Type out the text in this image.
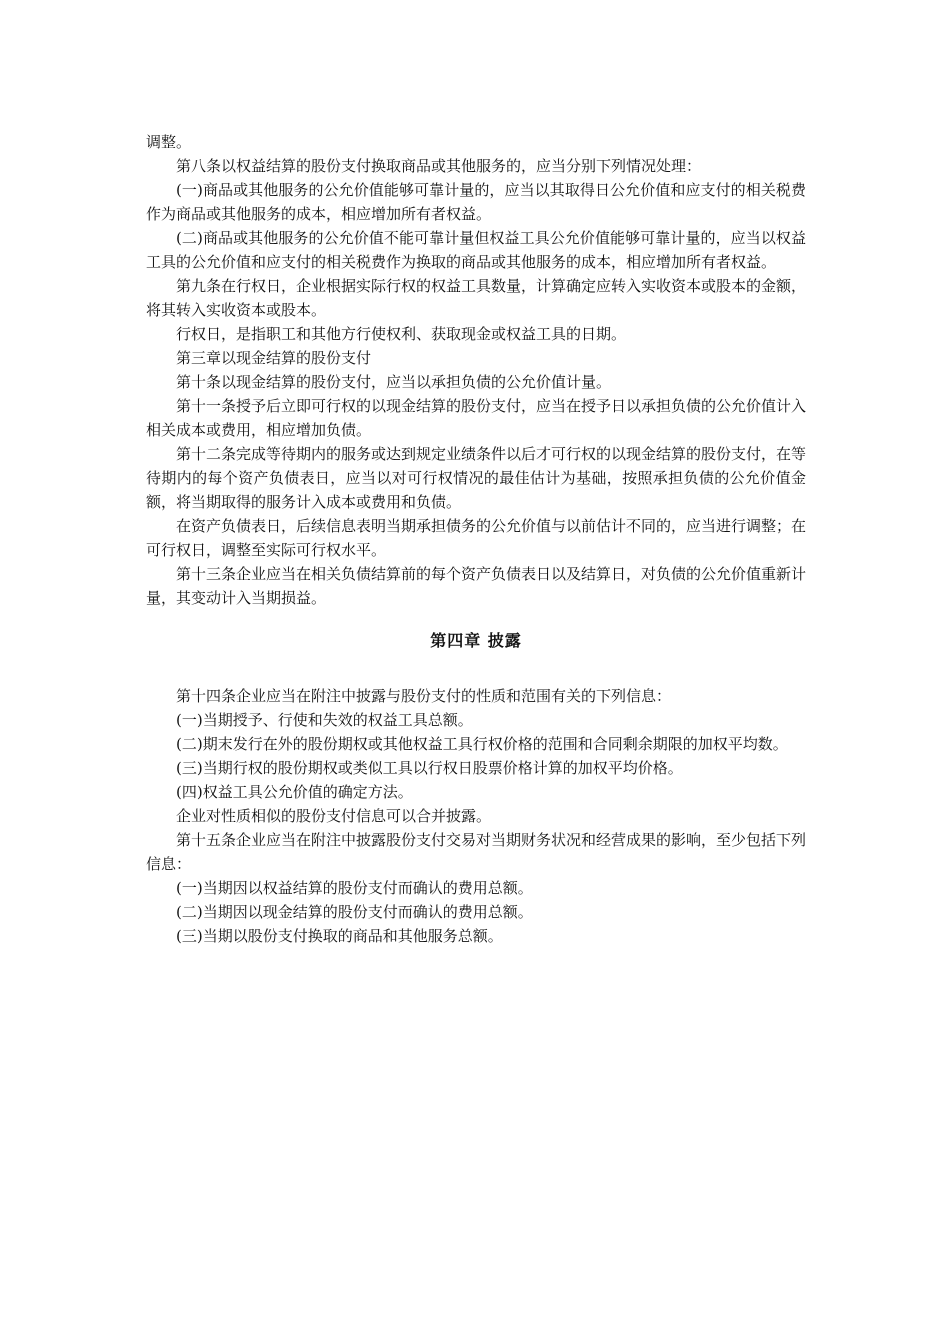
调整。

第八条以权益结算的股份支付换取商品或其他服务的，应当分别下列情况处理：

(一)商品或其他服务的公允价值能够可靠计量的，应当以其取得日公允价值和应支付的相关税费作为商品或其他服务的成本，相应增加所有者权益。

(二)商品或其他服务的公允价值不能可靠计量但权益工具公允价值能够可靠计量的，应当以权益工具的公允价值和应支付的相关税费作为换取的商品或其他服务的成本，相应增加所有者权益。

第九条在行权日，企业根据实际行权的权益工具数量，计算确定应转入实收资本或股本的金额，将其转入实收资本或股本。

行权日，是指职工和其他方行使权利、获取现金或权益工具的日期。

第三章以现金结算的股份支付

第十条以现金结算的股份支付，应当以承担负债的公允价值计量。

第十一条授予后立即可行权的以现金结算的股份支付，应当在授予日以承担负债的公允价值计入相关成本或费用，相应增加负债。

第十二条完成等待期内的服务或达到规定业绩条件以后才可行权的以现金结算的股份支付，在等待期内的每个资产负债表日，应当以对可行权情况的最佳估计为基础，按照承担负债的公允价值金额，将当期取得的服务计入成本或费用和负债。

在资产负债表日，后续信息表明当期承担债务的公允价值与以前估计不同的，应当进行调整；在可行权日，调整至实际可行权水平。

第十三条企业应当在相关负债结算前的每个资产负债表日以及结算日，对负债的公允价值重新计量，其变动计入当期损益。

第四章 披露

第十四条企业应当在附注中披露与股份支付的性质和范围有关的下列信息：

(一)当期授予、行使和失效的权益工具总额。

(二)期末发行在外的股份期权或其他权益工具行权价格的范围和合同剩余期限的加权平均数。

(三)当期行权的股份期权或类似工具以行权日股票价格计算的加权平均价格。

(四)权益工具公允价值的确定方法。

企业对性质相似的股份支付信息可以合并披露。

第十五条企业应当在附注中披露股份支付交易对当期财务状况和经营成果的影响，至少包括下列信息：

(一)当期因以权益结算的股份支付而确认的费用总额。

(二)当期因以现金结算的股份支付而确认的费用总额。

(三)当期以股份支付换取的商品和其他服务总额。
